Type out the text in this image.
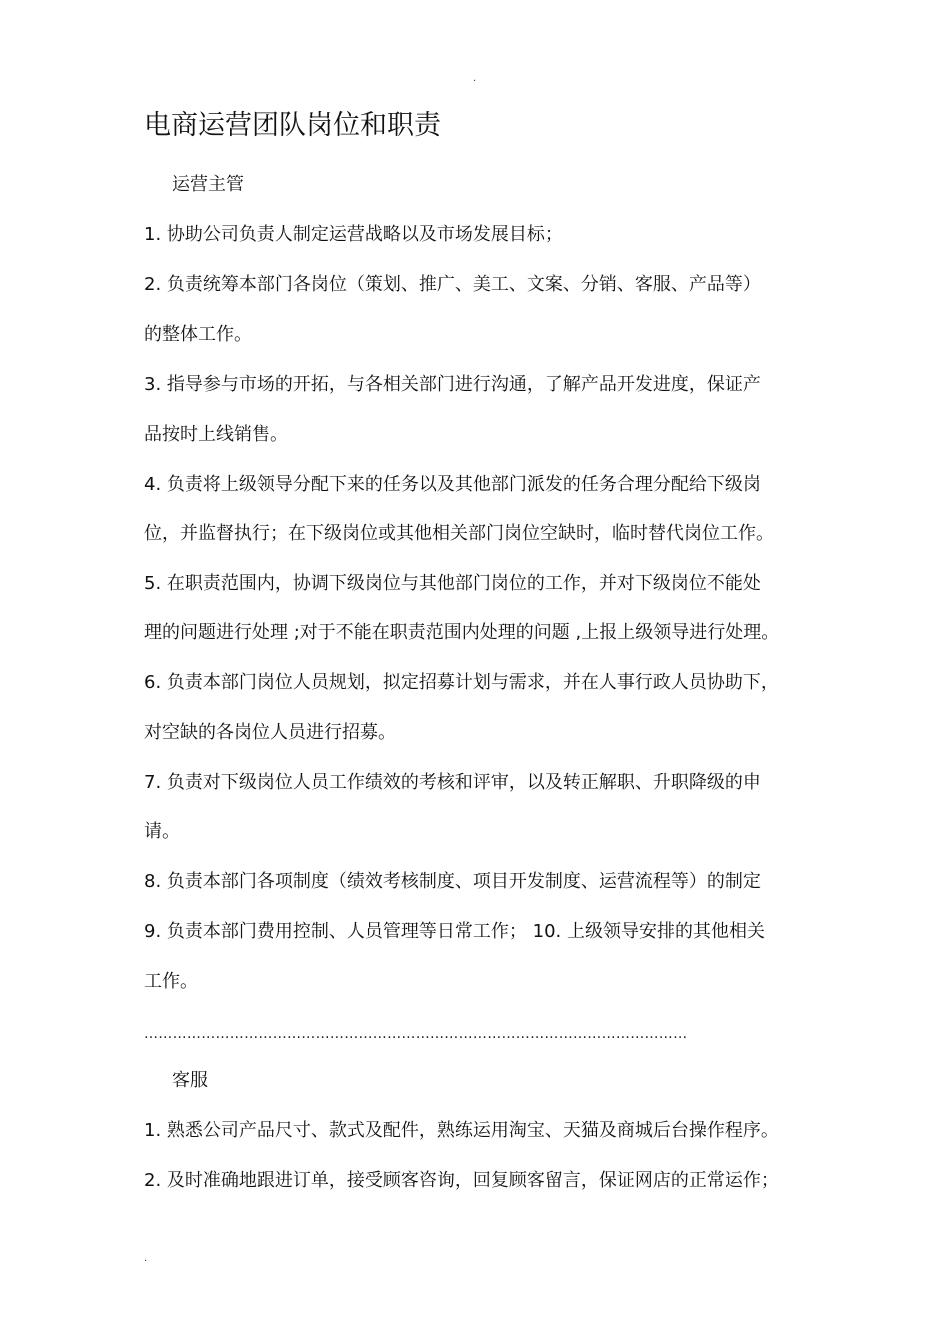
.
电商运营团队岗位和职责
运营主管
1. 协助公司负责人制定运营战略以及市场发展目标；
2. 负责统筹本部门各岗位（策划、推广、美工、文案、分销、客服、产品等）
的整体工作。
3. 指导参与市场的开拓，与各相关部门进行沟通，了解产品开发进度，保证产
品按时上线销售。
4. 负责将上级领导分配下来的任务以及其他部门派发的任务合理分配给下级岗
位，并监督执行；在下级岗位或其他相关部门岗位空缺时，临时替代岗位工作。
5. 在职责范围内，协调下级岗位与其他部门岗位的工作，并对下级岗位不能处
理的问题进行处理 ;对于不能在职责范围内处理的问题 ,上报上级领导进行处理。
6. 负责本部门岗位人员规划，拟定招募计划与需求，并在人事行政人员协助下，
对空缺的各岗位人员进行招募。
7. 负责对下级岗位人员工作绩效的考核和评审，以及转正解职、升职降级的申
请。
8. 负责本部门各项制度（绩效考核制度、项目开发制度、运营流程等）的制定
9. 负责本部门费用控制、人员管理等日常工作； 10. 上级领导安排的其他相关
工作。
……………………………………………………………………………………………………
客服
1. 熟悉公司产品尺寸、款式及配件，熟练运用淘宝、天猫及商城后台操作程序。
2. 及时准确地跟进订单，接受顾客咨询，回复顾客留言，保证网店的正常运作；
.
